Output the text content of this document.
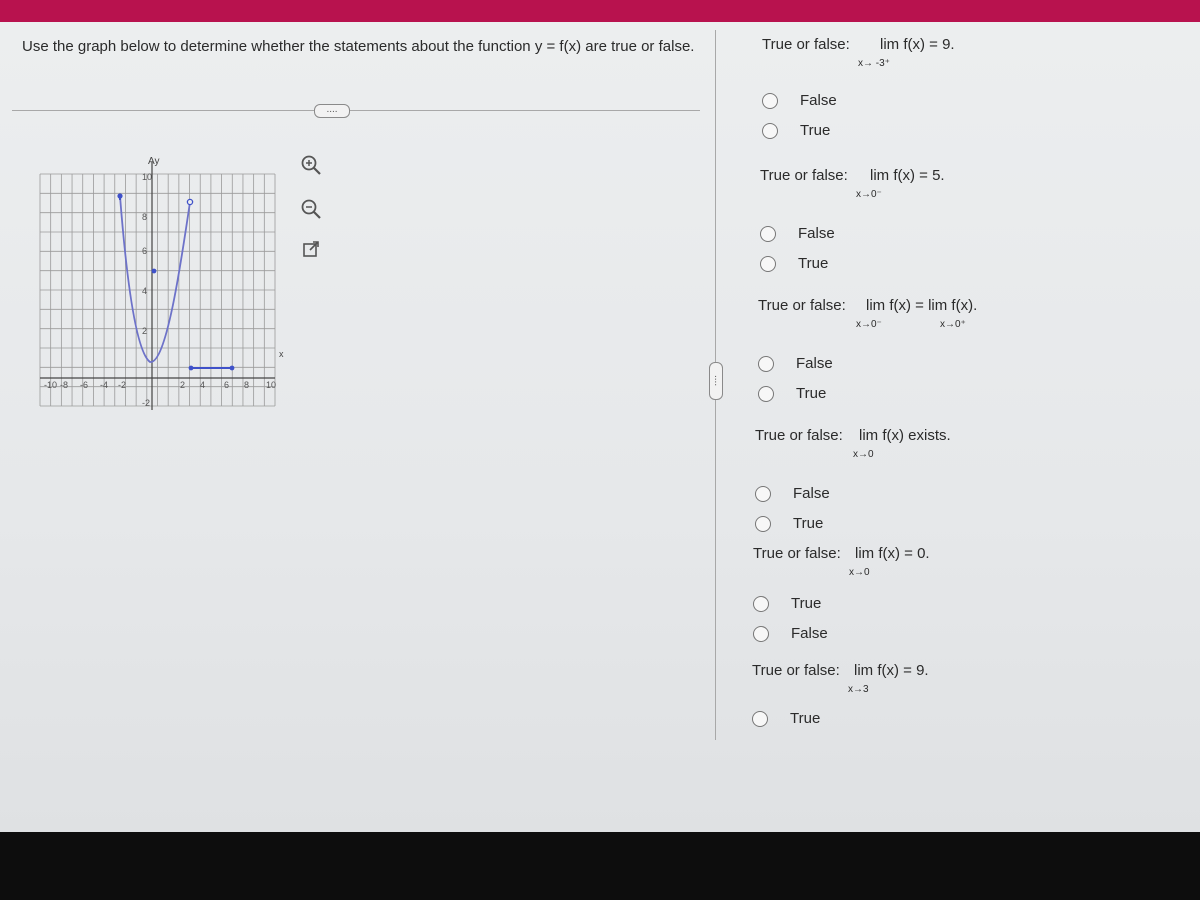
Use the graph below to determine whether the statements about the function y = f(x) are true or false.
....
....
x
Ay
-10 -8 -6 -4 -2	2 4 6 8 10
10
8
6
4
2
-2
True or false: lim f(x) = 9.
x→ -3⁺
False
True
True or false: lim f(x) = 5.
x→0⁻
False
True
True or false: lim f(x) = lim f(x).
x→0⁻	x→0⁺
False
True
True or false: lim f(x) exists.
x→0
False
True
True or false: lim f(x) = 0.
x→0
True
False
True or false: lim f(x) = 9.
x→3
True
